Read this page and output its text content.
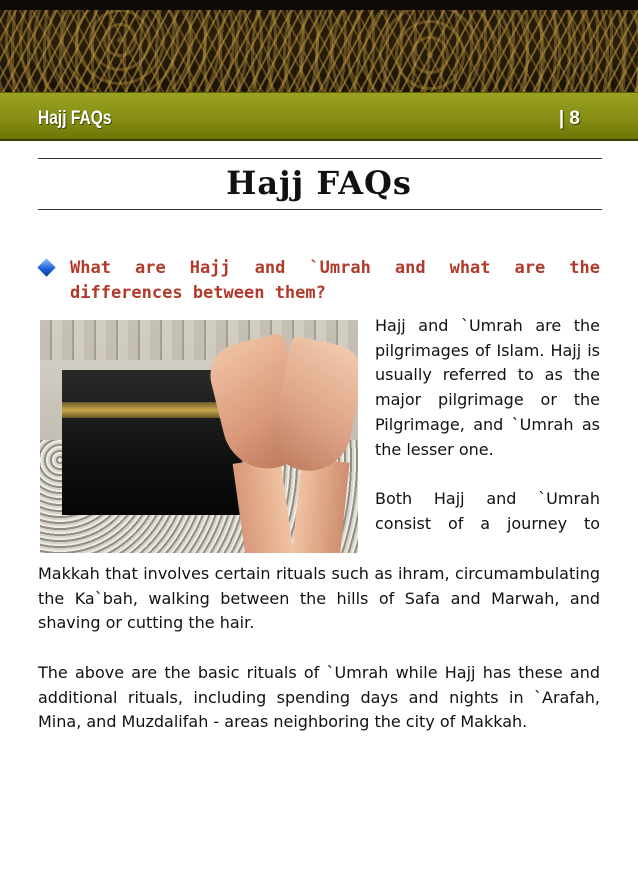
Hajj FAQs	| 8
Hajj FAQs
What are Hajj and `Umrah and what are the differences between them?

Hajj and `Umrah are the pilgrimages of Islam. Hajj is usually referred to as the major pilgrimage or the Pilgrimage, and `Umrah as the lesser one.

Both Hajj and `Umrah consist of a journey to

Makkah that involves certain rituals such as ihram, circumambulating the Ka`bah, walking between the hills of Safa and Marwah, and shaving or cutting the hair.
The above are the basic rituals of `Umrah while Hajj has these and additional rituals, including spending days and nights in `Arafah, Mina, and Muzdalifah - areas neighboring the city of Makkah.
